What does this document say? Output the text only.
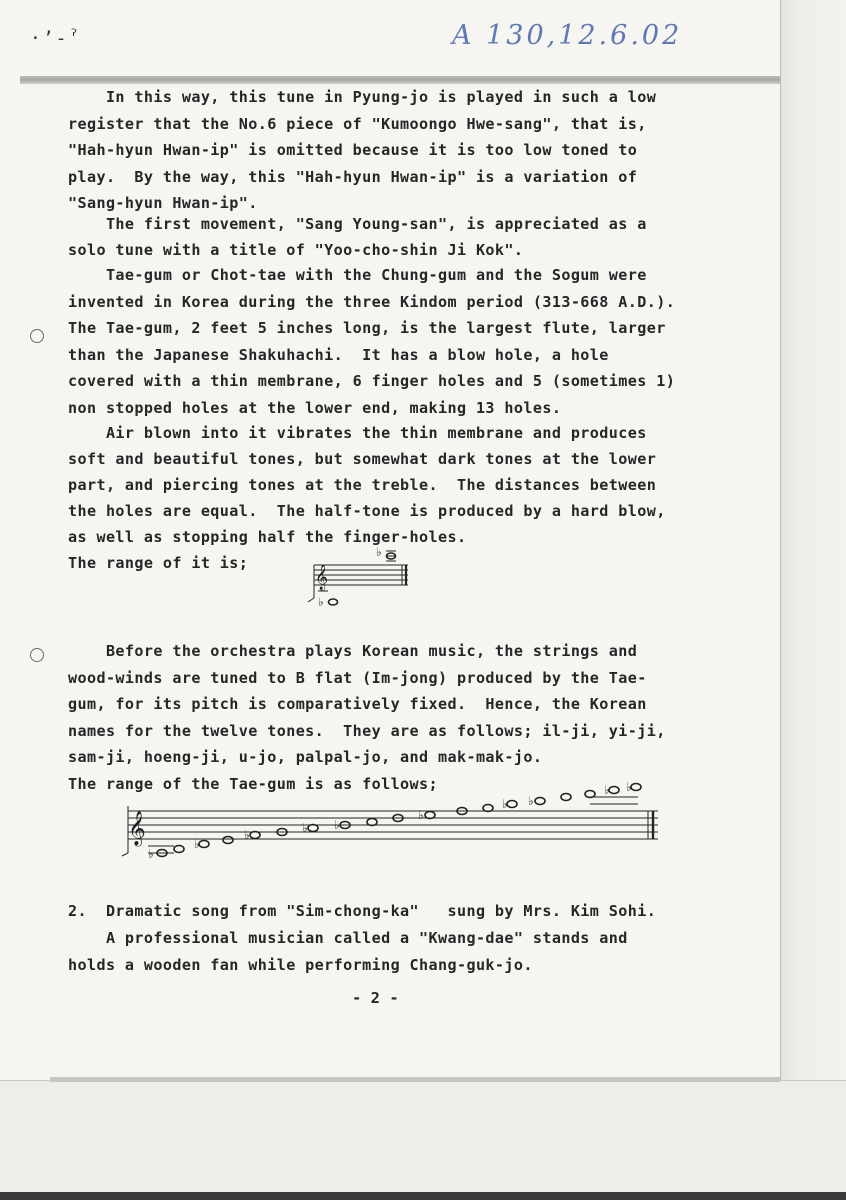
·’-ˀ	A 130,12.6.02
In this way, this tune in Pyung-jo is played in such a low
register that the No.6 piece of "Kumoongo Hwe-sang", that is,
"Hah-hyun Hwan-ip" is omitted because it is too low toned to
play.  By the way, this "Hah-hyun Hwan-ip" is a variation of
"Sang-hyun Hwan-ip".
The first movement, "Sang Young-san", is appreciated as a
solo tune with a title of "Yoo-cho-shin Ji Kok".
Tae-gum or Chot-tae with the Chung-gum and the Sogum were
invented in Korea during the three Kindom period (313-668 A.D.).
The Tae-gum, 2 feet 5 inches long, is the largest flute, larger
than the Japanese Shakuhachi.  It has a blow hole, a hole
covered with a thin membrane, 6 finger holes and 5 (sometimes 1)
non stopped holes at the lower end, making 13 holes.
Air blown into it vibrates the thin membrane and produces
soft and beautiful tones, but somewhat dark tones at the lower
part, and piercing tones at the treble.  The distances between
the holes are equal.  The half-tone is produced by a hard blow,
as well as stopping half the finger-holes.
The range of it is;
𝄞
♭
♭
Before the orchestra plays Korean music, the strings and
wood-winds are tuned to B flat (Im-jong) produced by the Tae-
gum, for its pitch is comparatively fixed.  Hence, the Korean
names for the twelve tones.  They are as follows; il-ji, yi-ji,
sam-ji, hoeng-ji, u-jo, palpal-jo, and mak-mak-jo.
The range of the Tae-gum is as follows;
𝄞
♭
♭
♭	♭ ♭
♭
♭ ♭
♭ ♭
2.  Dramatic song from "Sim-chong-ka"   sung by Mrs. Kim Sohi.
A professional musician called a "Kwang-dae" stands and
holds a wooden fan while performing Chang-guk-jo.
- 2 -
